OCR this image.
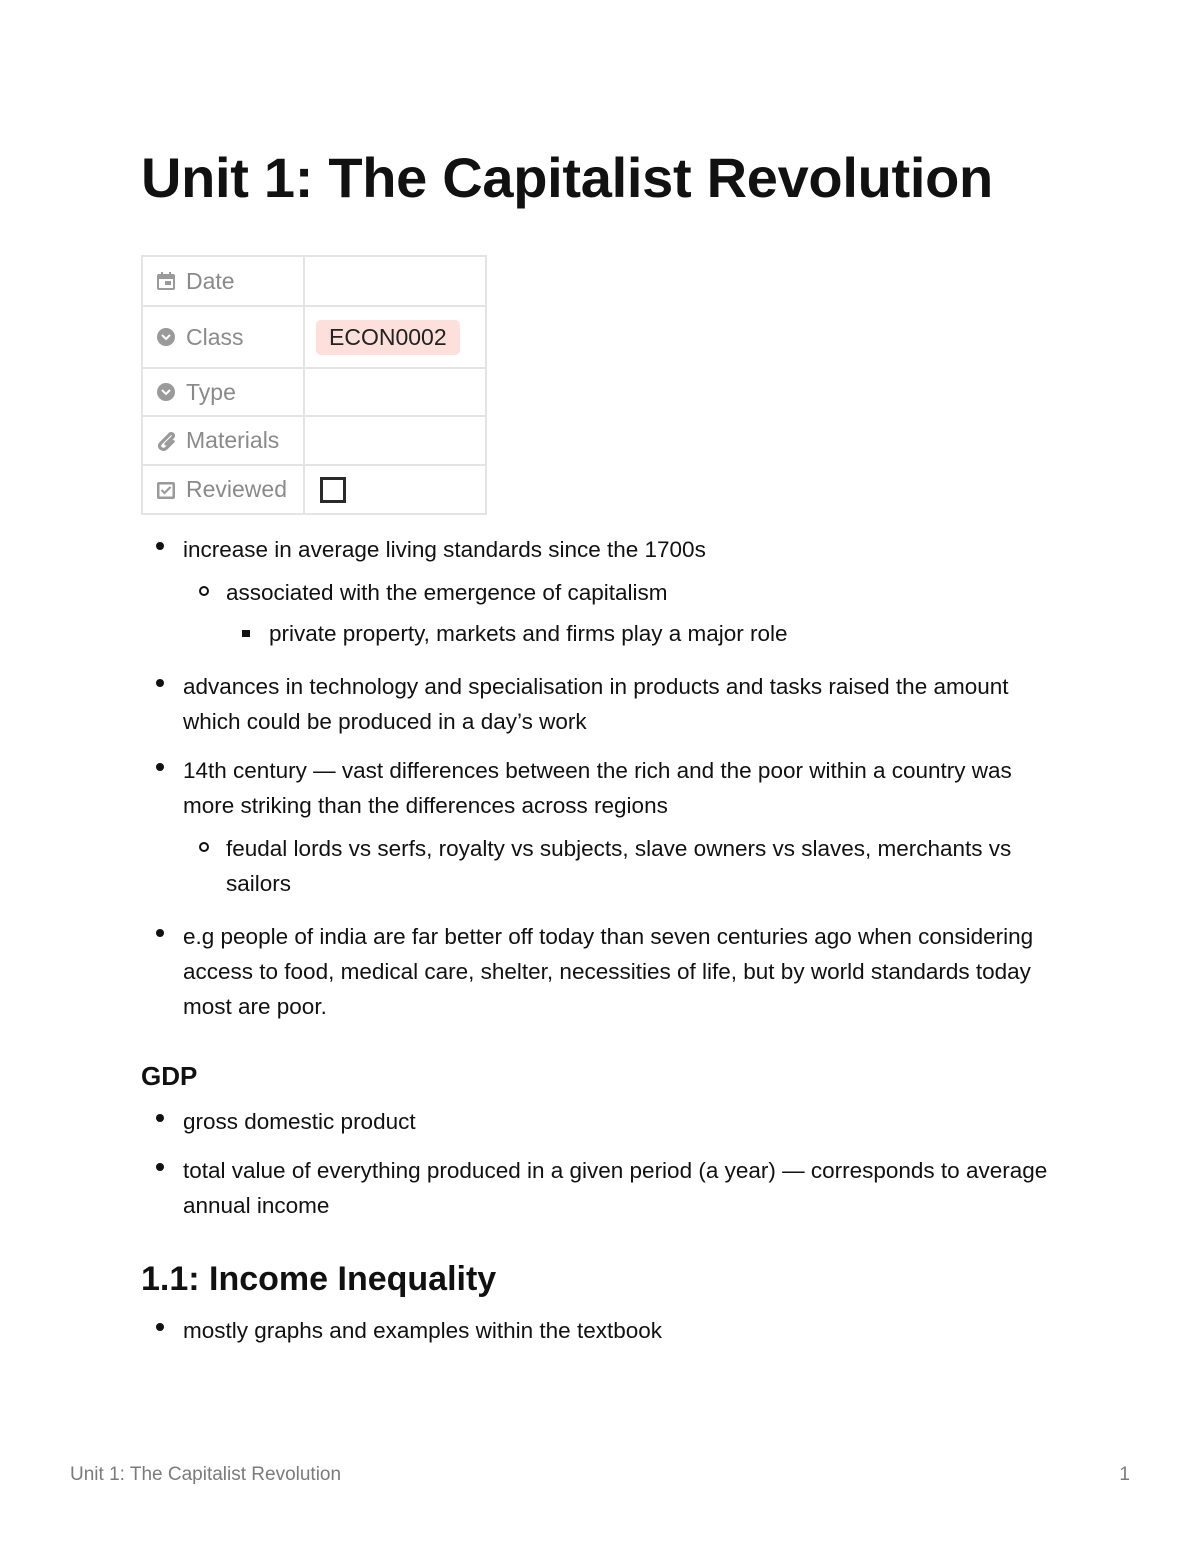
Unit 1: The Capitalist Revolution
Date	

Class	ECON0002

Type	

Materials	

Reviewed	

increase in average living standards since the 1700s
associated with the emergence of capitalism
private property, markets and firms play a major role
advances in technology and specialisation in products and tasks raised the amount which could be produced in a day’s work
14th century — vast differences between the rich and the poor within a country was more striking than the differences across regions
feudal lords vs serfs, royalty vs subjects, slave owners vs slaves, merchants vs sailors
e.g people of india are far better off today than seven centuries ago when considering access to food, medical care, shelter, necessities of life, but by world standards today most are poor.
GDP
gross domestic product
total value of everything produced in a given period (a year) — corresponds to average annual income
1.1: Income Inequality
mostly graphs and examples within the textbook
Unit 1: The Capitalist Revolution	1
